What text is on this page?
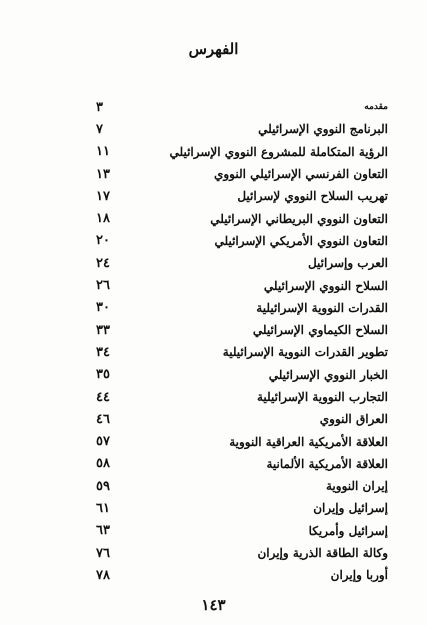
الفهرس
٣	مقدمه
٧	البرنامج النووي الإسرائيلي
١١	الرؤية المتكاملة للمشروع النووي الإسرائيلي
١٣	التعاون الفرنسي الإسرائيلي النووي
١٧	تهريب السلاح النووي لإسرائيل
١٨	التعاون النووي البريطاني الإسرائيلي
٢٠	التعاون النووي الأمريكي الإسرائيلي
٢٤	العرب وإسرائيل
٢٦	السلاح النووي الإسرائيلي
٣٠	القدرات النووية الإسرائيلية
٣٣	السلاح الكيماوي الإسرائيلي
٣٤	تطوير القدرات النووية الإسرائيلية
٣٥	الخبار النووي الإسرائيلي
٤٤	التجارب النووية الإسرائيلية
٤٦	العراق النووي
٥٧	العلاقة الأمريكية العراقية النووية
٥٨	العلاقة الأمريكية الألمانية
٥٩	إيران النووية
٦١	إسرائيل وإيران
٦٣	إسرائيل وأمريكا
٧٦	وكالة الطاقة الذرية وإيران
٧٨	أوربا وإيران
١٤٣
